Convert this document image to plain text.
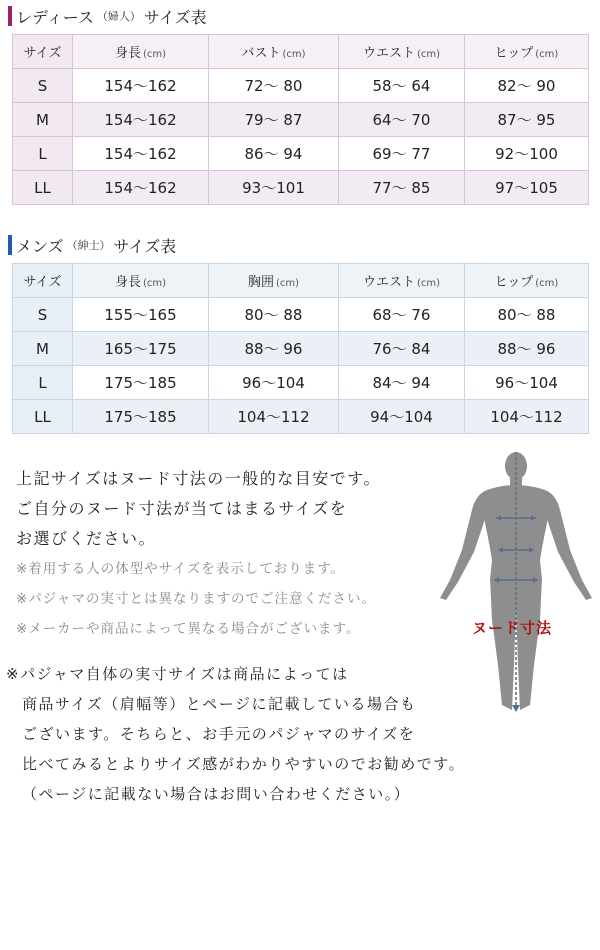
レディース （婦人） サイズ表
サイズ	身長 (cm)	バスト (cm)	ウエスト (cm)	ヒップ (cm)
S	154～162	72～ 80	58～ 64	82～ 90
M	154～162	79～ 87	64～ 70	87～ 95
L	154～162	86～ 94	69～ 77	92～100
LL	154～162	93～101	77～ 85	97～105
メンズ （紳士） サイズ表
サイズ	身長 (cm)	胸囲 (cm)	ウエスト (cm)	ヒップ (cm)
S	155～165	80～ 88	68～ 76	80～ 88
M	165～175	88～ 96	76～ 84	88～ 96
L	175～185	96～104	84～ 94	96～104
LL	175～185	104～112	94～104	104～112
上記サイズはヌード寸法の一般的な目安です。
ご自分のヌード寸法が当てはまるサイズを
お選びください。
※着用する人の体型やサイズを表示しております。
※パジャマの実寸とは異なりますのでご注意ください。
※メーカーや商品によって異なる場合がございます。	ヌード寸法
※パジャマ自体の実寸サイズは商品によっては
商品サイズ（肩幅等）とページに記載している場合も
ございます。そちらと、お手元のパジャマのサイズを
比べてみるとよりサイズ感がわかりやすいのでお勧めです。
（ページに記載ない場合はお問い合わせください。）
